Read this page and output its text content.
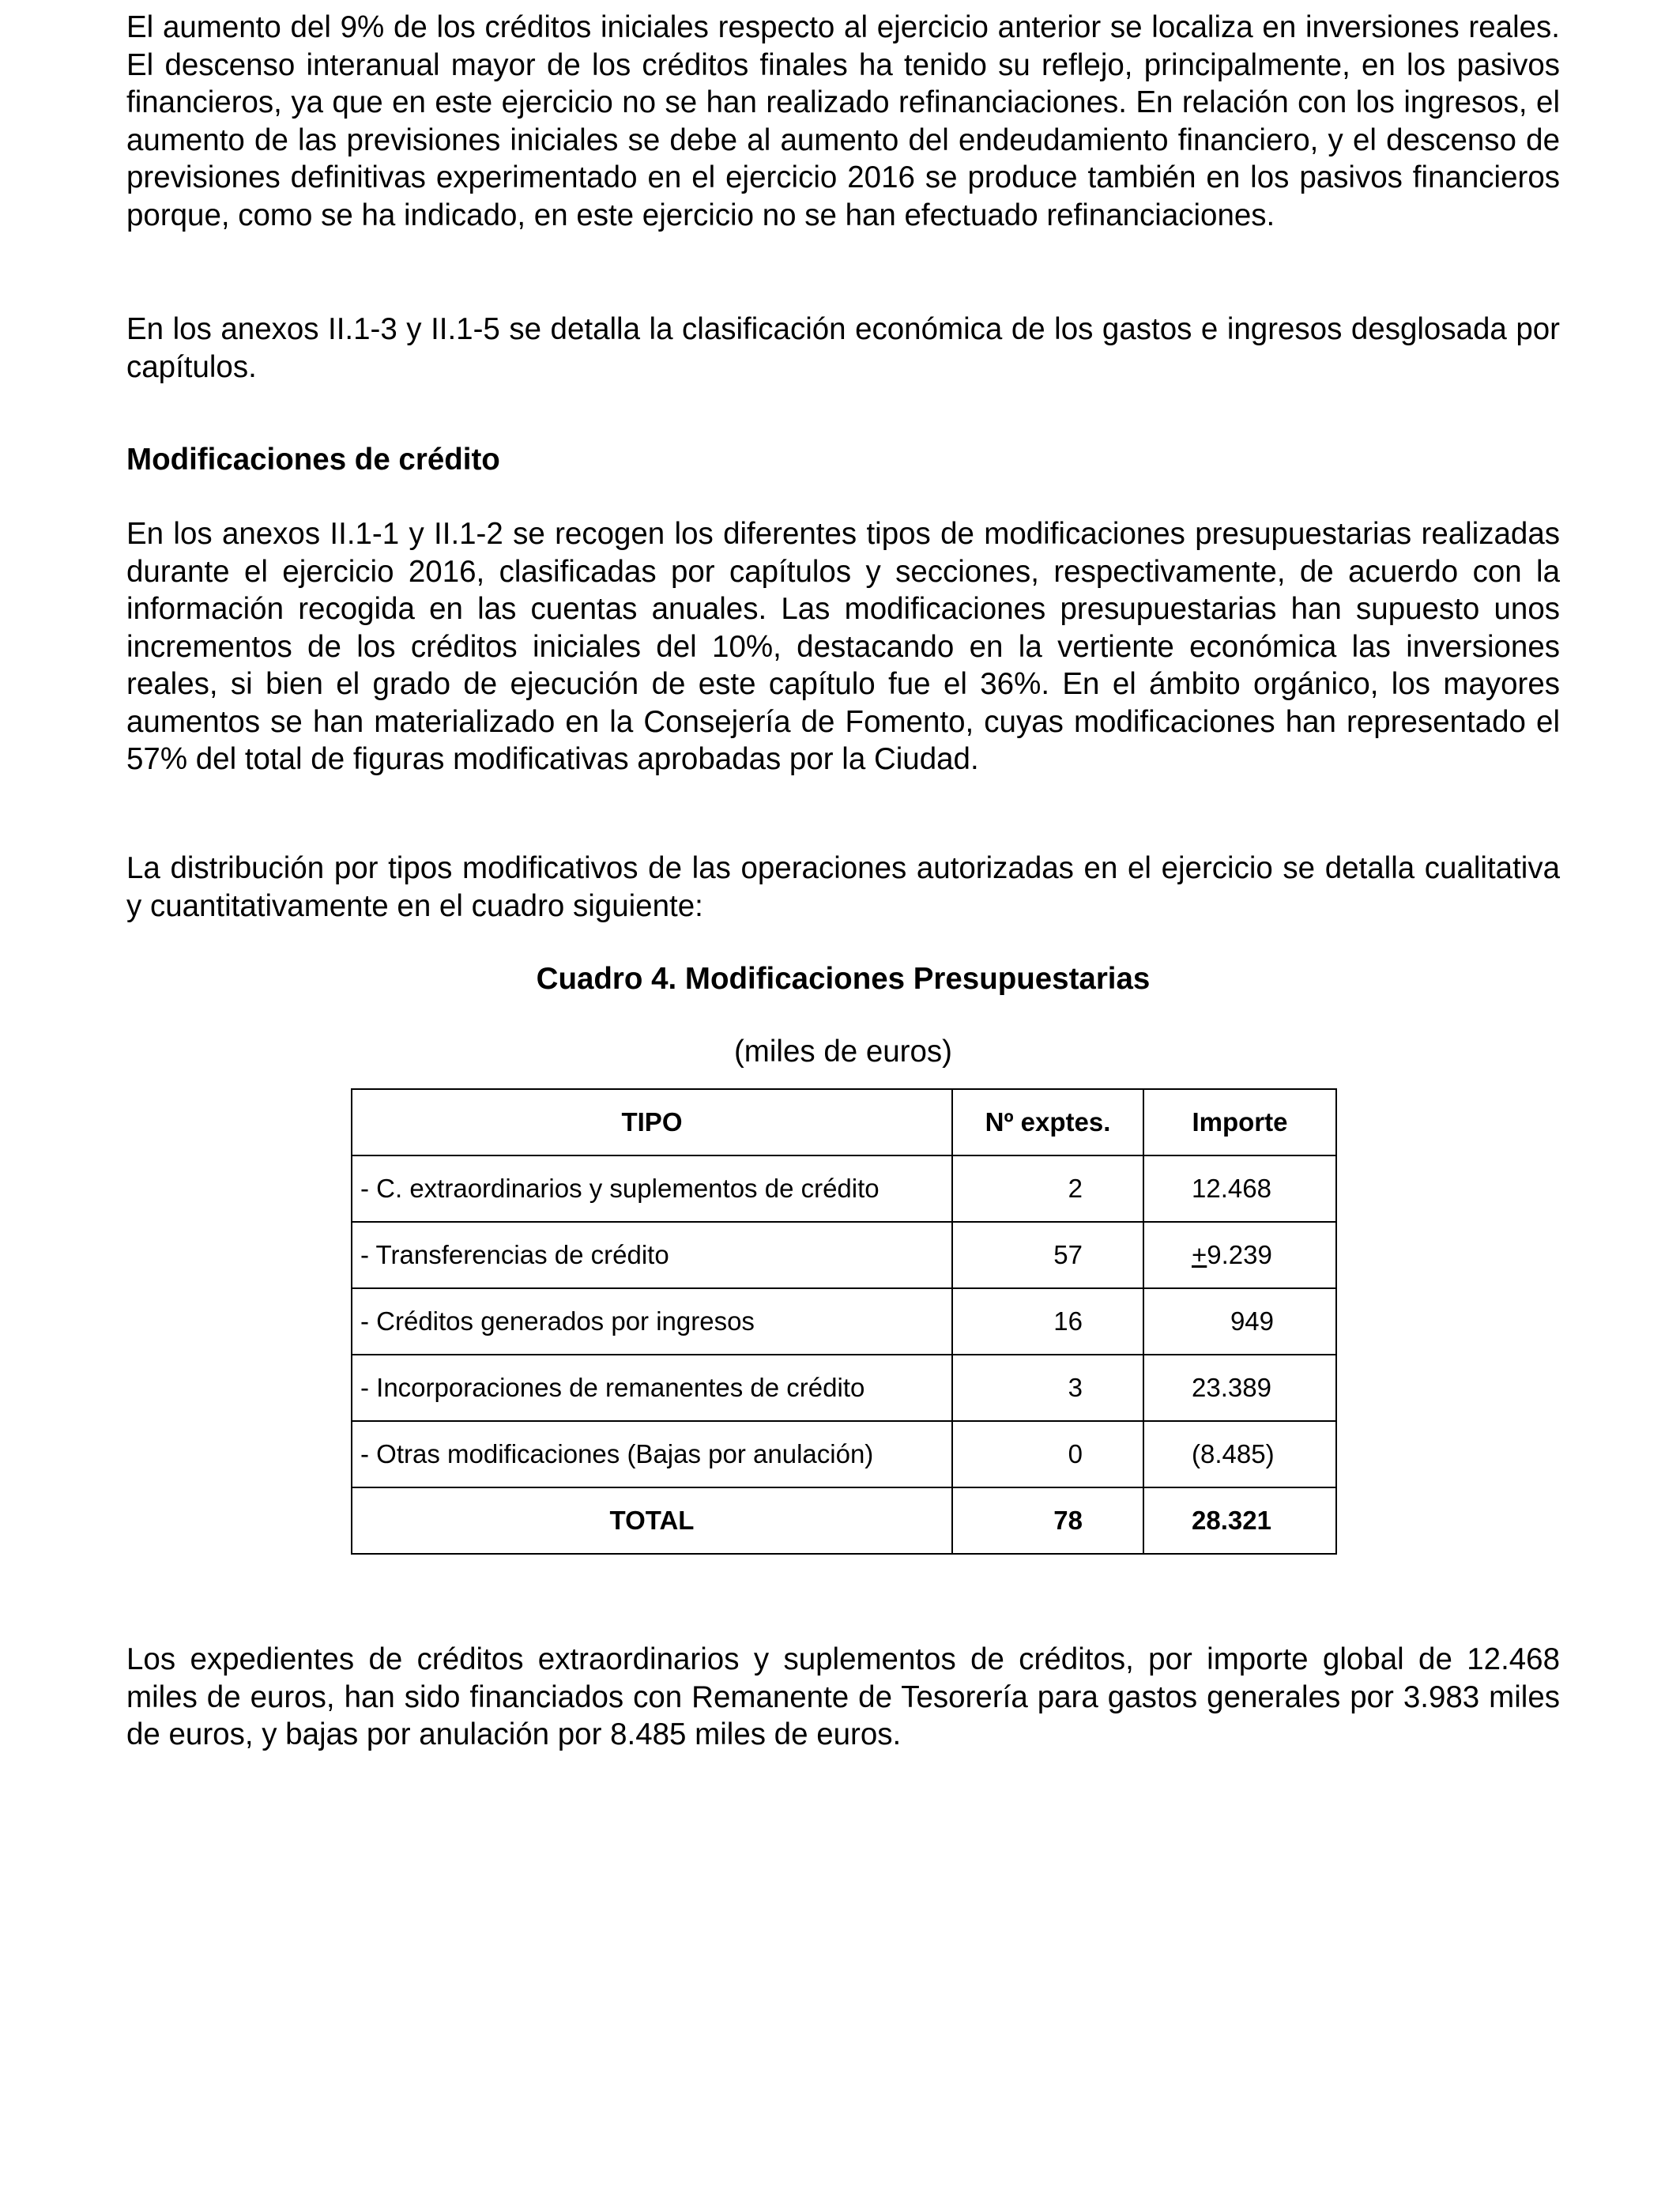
El aumento del 9% de los créditos iniciales respecto al ejercicio anterior se localiza en inversiones reales. El descenso interanual mayor de los créditos finales ha tenido su reflejo, principalmente, en los pasivos financieros, ya que en este ejercicio no se han realizado refinanciaciones. En relación con los ingresos, el aumento de las previsiones iniciales se debe al aumento del endeudamiento financiero, y el descenso de previsiones definitivas experimentado en el ejercicio 2016 se produce también en los pasivos financieros porque, como se ha indicado, en este ejercicio no se han efectuado refinanciaciones.

En los anexos II.1-3 y II.1-5 se detalla la clasificación económica de los gastos e ingresos desglosada por capítulos.

Modificaciones de crédito

En los anexos II.1-1 y II.1-2 se recogen los diferentes tipos de modificaciones presupuestarias realizadas durante el ejercicio 2016, clasificadas por capítulos y secciones, respectivamente, de acuerdo con la información recogida en las cuentas anuales. Las modificaciones presupuestarias han supuesto unos incrementos de los créditos iniciales del 10%, destacando en la vertiente económica las inversiones reales, si bien el grado de ejecución de este capítulo fue el 36%. En el ámbito orgánico, los mayores aumentos se han materializado en la Consejería de Fomento, cuyas modificaciones han representado el 57% del total de figuras modificativas aprobadas por la Ciudad.

La distribución por tipos modificativos de las operaciones autorizadas en el ejercicio se detalla cualitativa y cuantitativamente en el cuadro siguiente:

Cuadro 4. Modificaciones Presupuestarias

(miles de euros)

Los expedientes de créditos extraordinarios y suplementos de créditos, por importe global de 12.468 miles de euros, han sido financiados con Remanente de Tesorería para gastos generales por 3.983 miles de euros, y bajas por anulación por 8.485 miles de euros.

TIPO	Nº exptes.	Importe
- C. extraordinarios y suplementos de crédito	2	12.468
- Transferencias de crédito	57	+9.239
- Créditos generados por ingresos	16	949
- Incorporaciones de remanentes de crédito	3	23.389
- Otras modificaciones (Bajas por anulación)	0	(8.485)
TOTAL	78	28.321
